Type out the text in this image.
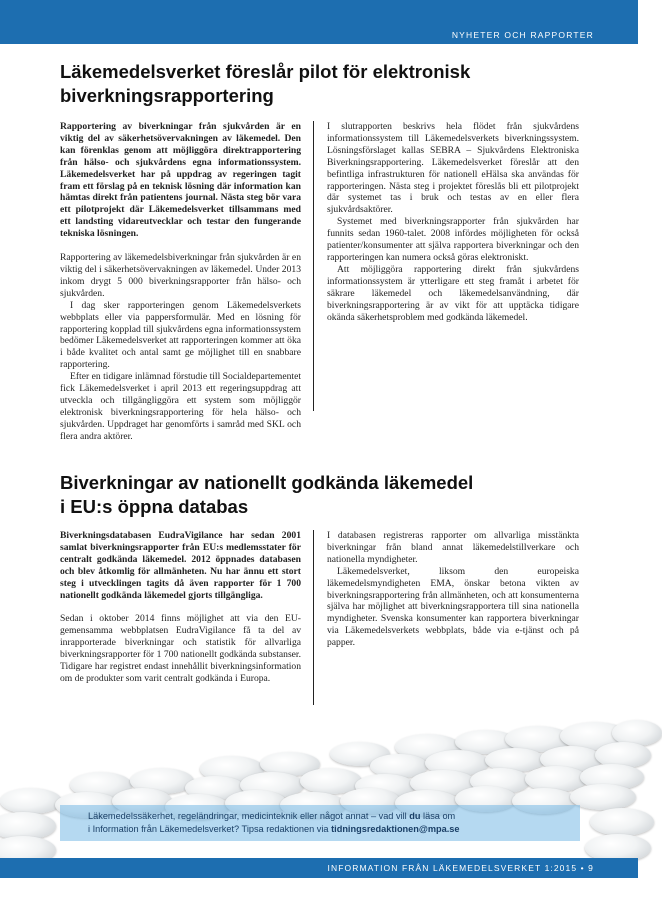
NYHETER OCH RAPPORTER
Läkemedelsverket föreslår pilot för elektronisk
biverkningsrapportering

Rapportering av biverkningar från sjukvården är en viktig del av säkerhetsövervakningen av läkemedel. Den kan förenklas genom att möjliggöra direktrapportering från hälso- och sjukvårdens egna informationssystem. Läkemedelsverket har på uppdrag av regeringen tagit fram ett förslag på en teknisk lösning där information kan hämtas direkt från patientens journal. Nästa steg bör vara ett pilotprojekt där Läkemedelsverket tillsammans med ett landsting vidareutvecklar och testar den fungerande tekniska lösningen.

Rapportering av läkemedelsbiverkningar från sjukvården är en viktig del i säkerhetsövervakningen av läkemedel. Under 2013 inkom drygt 5 000 biverkningsrapporter från hälso- och sjukvården.

I dag sker rapporteringen genom Läkemedelsverkets webbplats eller via pappersformulär. Med en lösning för rapportering kopplad till sjukvårdens egna informationssystem bedömer Läkemedelsverket att rapporteringen kommer att öka i både kvalitet och antal samt ge möjlighet till en snabbare rapportering.

Efter en tidigare inlämnad förstudie till Socialdepartementet fick Läkemedelsverket i april 2013 ett regeringsuppdrag att utveckla och tillgängliggöra ett system som möjliggör elektronisk biverkningsrapportering för hela hälso- och sjukvården. Uppdraget har genomförts i samråd med SKL och flera andra aktörer.

I slutrapporten beskrivs hela flödet från sjukvårdens informationssystem till Läkemedelsverkets biverkningssystem. Lösningsförslaget kallas SEBRA – Sjukvårdens Elektroniska Biverkningsrapportering. Läkemedelsverket föreslår att den befintliga infrastrukturen för nationell eHälsa ska användas för rapporteringen. Nästa steg i projektet föreslås bli ett pilotprojekt där systemet tas i bruk och testas av en eller flera sjukvårdsaktörer.

Systemet med biverkningsrapporter från sjukvården har funnits sedan 1960-talet. 2008 infördes möjligheten för också patienter/konsumenter att själva rapportera biverkningar och den rapporteringen kan numera också göras elektroniskt.

Att möjliggöra rapportering direkt från sjukvårdens informationssystem är ytterligare ett steg framåt i arbetet för säkrare läkemedel och läkemedelsanvändning, där biverkningsrapportering är av vikt för att upptäcka tidigare okända säkerhetsproblem med godkända läkemedel.

Biverkningar av nationellt godkända läkemedel
i EU:s öppna databas

Biverkningsdatabasen EudraVigilance har sedan 2001 samlat biverkningsrapporter från EU:s medlemsstater för centralt godkända läkemedel. 2012 öppnades databasen och blev åtkomlig för allmänheten. Nu har ännu ett stort steg i utvecklingen tagits då även rapporter för 1 700 nationellt godkända läkemedel gjorts tillgängliga.

Sedan i oktober 2014 finns möjlighet att via den EU-gemensamma webbplatsen EudraVigilance få ta del av inrapporterade biverkningar och statistik för allvarliga biverkningsrapporter för 1 700 nationellt godkända substanser. Tidigare har registret endast innehållit biverkningsinformation om de produkter som varit centralt godkända i Europa.

I databasen registreras rapporter om allvarliga misstänkta biverkningar från bland annat läkemedelstillverkare och nationella myndigheter.

Läkemedelsverket, liksom den europeiska läkemedelsmyndigheten EMA, önskar betona vikten av biverkningsrapportering från allmänheten, och att konsumenterna själva har möjlighet att biverkningsrapportera till sina nationella myndigheter. Svenska konsumenter kan rapportera biverkningar via Läkemedelsverkets webbplats, både via e-tjänst och på papper.

Läkemedelssäkerhet, regeländringar, medicinteknik eller något annat – vad vill du läsa om
i Information från Läkemedelsverket? Tipsa redaktionen via tidningsredaktionen@mpa.se
INFORMATION FRÅN LÄKEMEDELSVERKET 1:2015 • 9
